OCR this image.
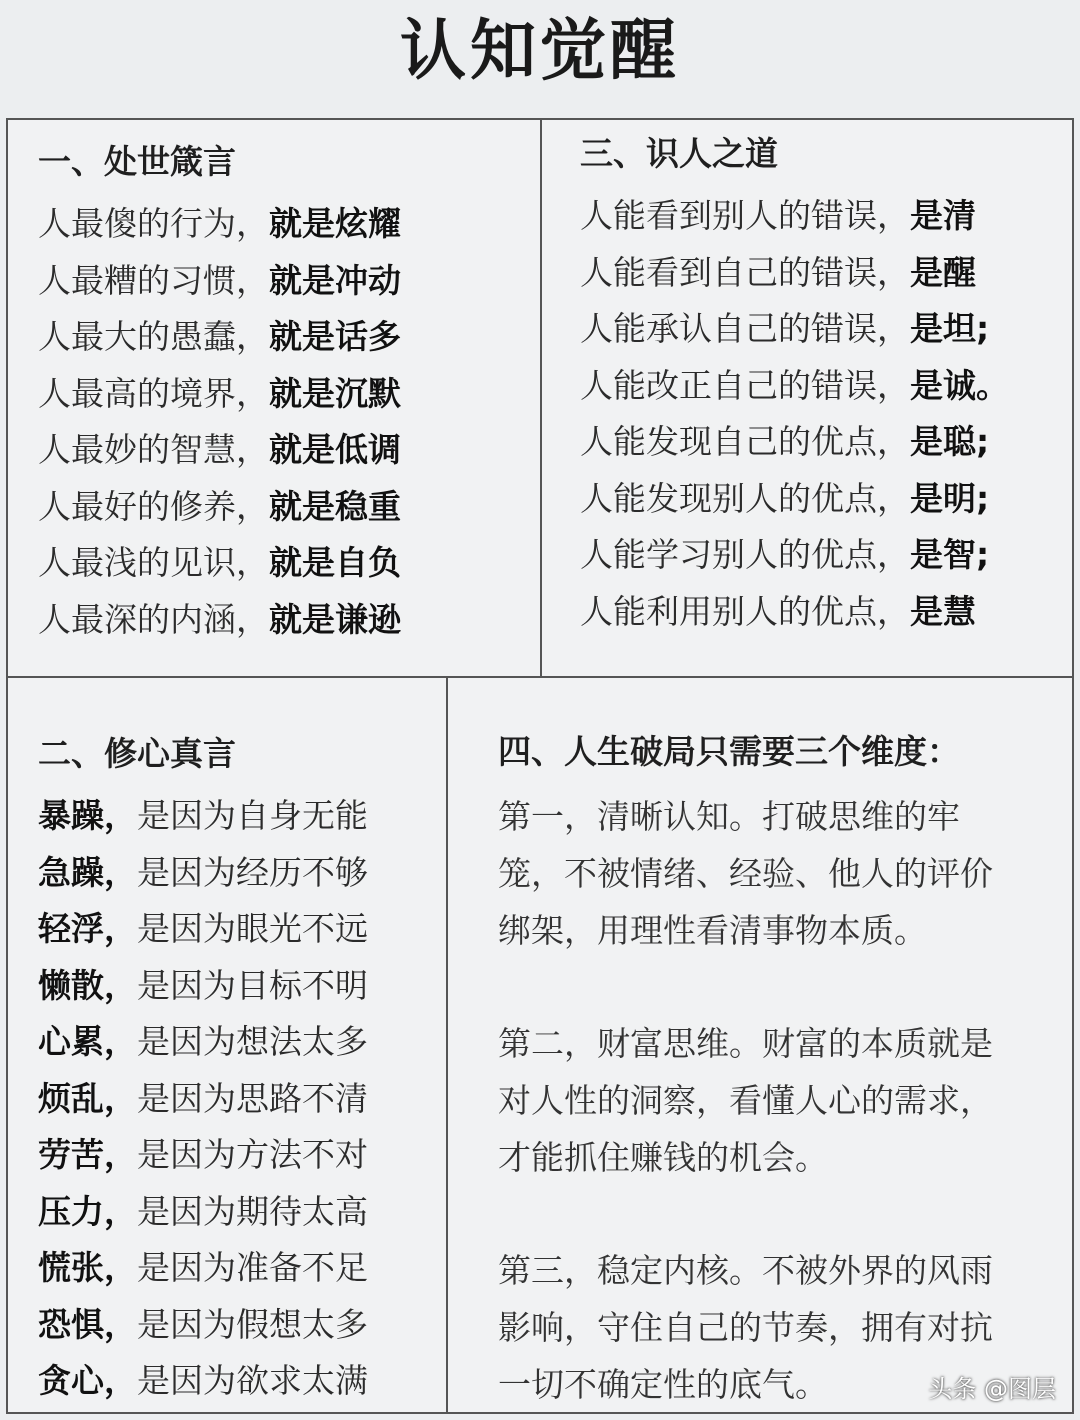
认知觉醒
一、处世箴言
人最傻的行为，就是炫耀
人最糟的习惯，就是冲动
人最大的愚蠢，就是话多
人最高的境界，就是沉默
人最妙的智慧，就是低调
人最好的修养，就是稳重
人最浅的见识，就是自负
人最深的内涵，就是谦逊
三、识人之道
人能看到别人的错误，是清
人能看到自己的错误，是醒
人能承认自己的错误，是坦;
人能改正自己的错误，是诚。
人能发现自己的优点，是聪;
人能发现别人的优点，是明;
人能学习别人的优点，是智;
人能利用别人的优点，是慧
二、修心真言
暴躁，是因为自身无能
急躁，是因为经历不够
轻浮，是因为眼光不远
懒散，是因为目标不明
心累，是因为想法太多
烦乱，是因为思路不清
劳苦，是因为方法不对
压力，是因为期待太高
慌张，是因为准备不足
恐惧，是因为假想太多
贪心，是因为欲求太满
四、人生破局只需要三个维度：
第一，清晰认知。打破思维的牢
笼，不被情绪、经验、他人的评价
绑架，用理性看清事物本质。
第二，财富思维。财富的本质就是
对人性的洞察，看懂人心的需求，
才能抓住赚钱的机会。
第三，稳定内核。不被外界的风雨
影响，守住自己的节奏，拥有对抗
一切不确定性的底气。	头条 @图层
